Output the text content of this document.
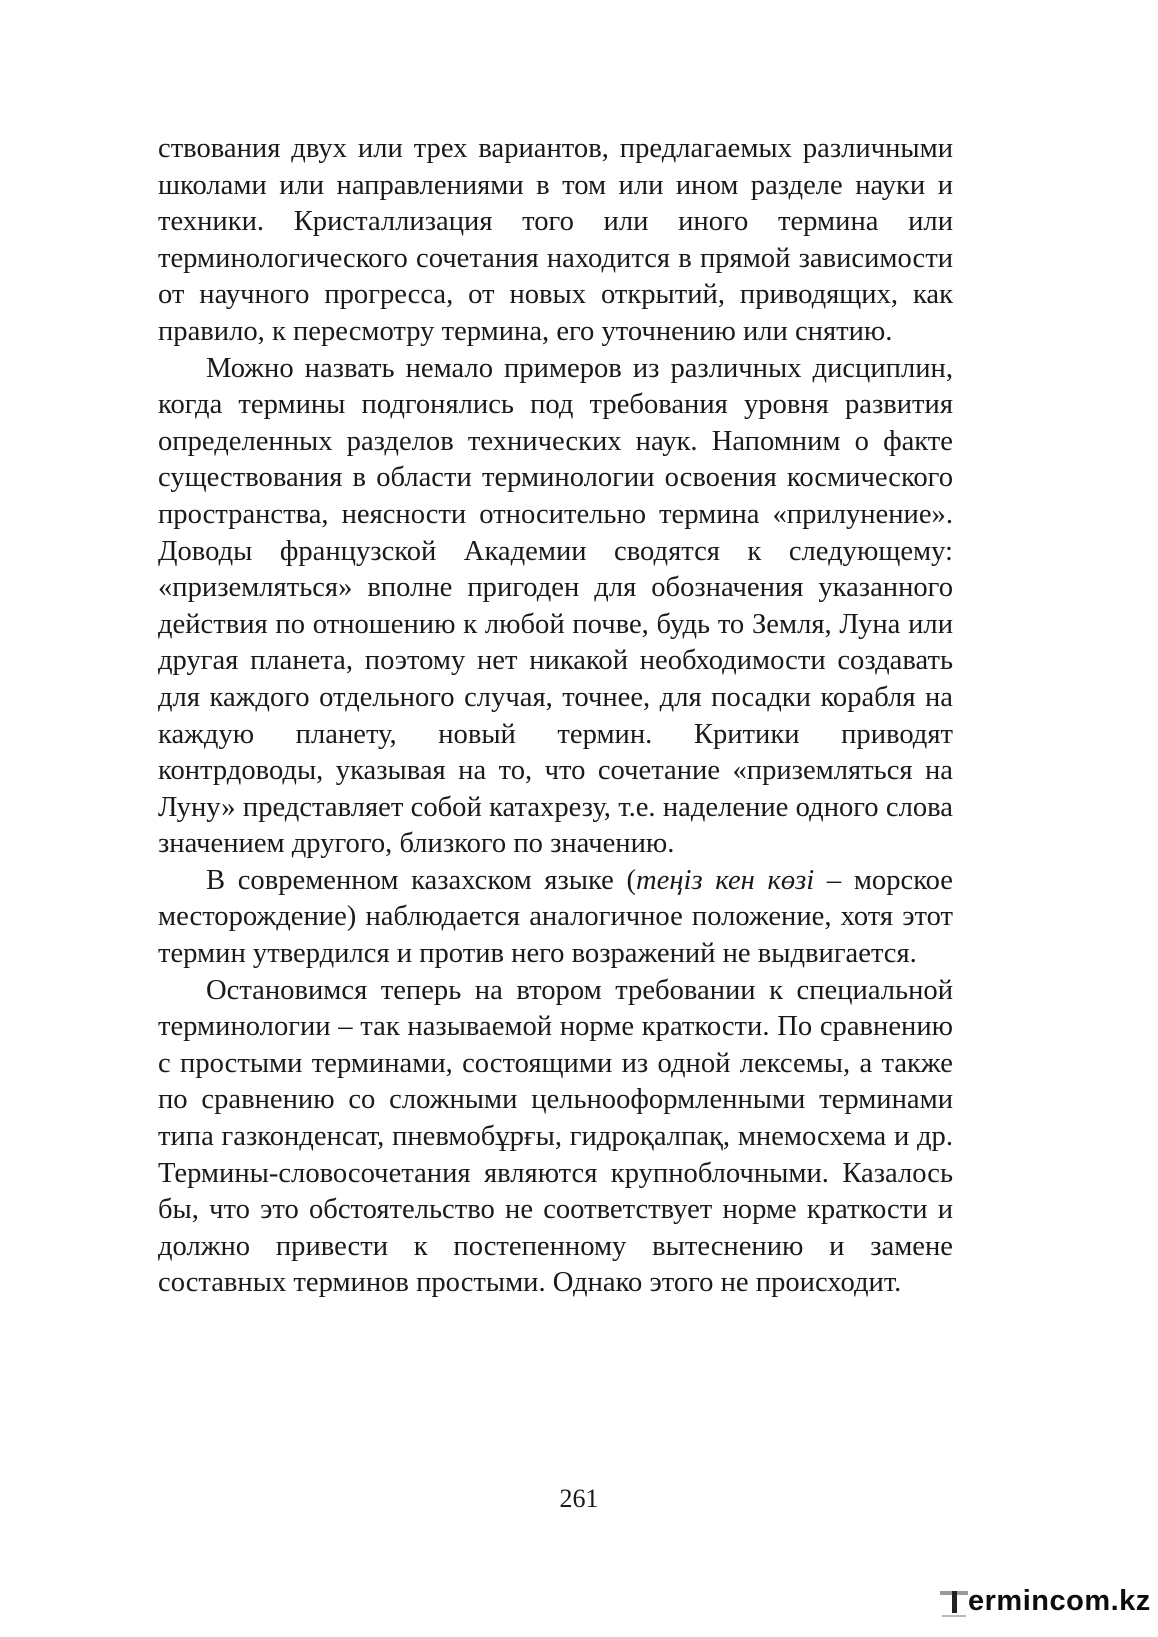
ствования двух или трех вариантов, предлагаемых различными школами или направлениями в том или ином разделе науки и техники. Кристаллизация того или иного термина или терминологического сочетания находится в прямой зависимости от научного прогресса, от новых открытий, приводящих, как правило, к пересмотру термина, его уточнению или снятию.

Можно назвать немало примеров из различных дисциплин, когда термины подгонялись под требования уровня развития определенных разделов технических наук. Напомним о факте существования в области терминологии освоения космического пространства, неясности относительно термина «прилунение». Доводы французской Академии сводятся к следующему: «приземляться» вполне пригоден для обозначения указанного действия по отношению к любой почве, будь то Земля, Луна или другая планета, поэтому нет никакой необходимости создавать для каждого отдельного случая, точнее, для посадки корабля на каждую планету, новый термин. Критики приводят контрдоводы, указывая на то, что сочетание «приземляться на Луну» представляет собой катахрезу, т.е. наделение одного слова значением другого, близкого по значению.

В современном казахском языке (теңіз кен көзі – морское месторождение) наблюдается аналогичное положение, хотя этот термин утвердился и против него возражений не выдвигается.

Остановимся теперь на втором требовании к специальной терминологии – так называемой норме краткости. По сравнению с простыми терминами, состоящими из одной лексемы, а также по сравнению со сложными цельнооформленными терминами типа газконденсат, пневмобұрғы, гидроқалпақ, мнемосхема и др. Термины-словосочетания являются крупноблочными. Казалось бы, что это обстоятельство не соответствует норме краткости и должно привести к постепенному вытеснению и замене составных терминов простыми. Однако этого не происходит.

261
ermincom.kz
